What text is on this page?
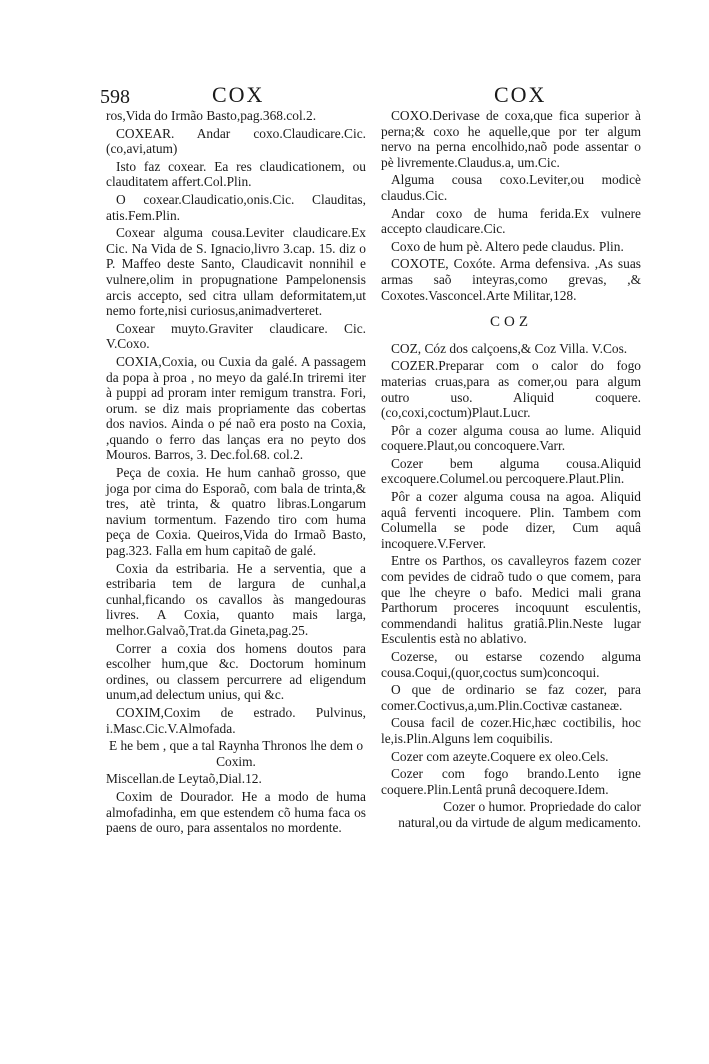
598	COX	COX

ros,Vida do Irmão Basto,pag.368.col.2.

COXEAR. Andar coxo.Claudicare.Cic. (co,avi,atum)

Isto faz coxear. Ea res claudicationem, ou clauditatem affert.Col.Plin.

O coxear.Claudicatio,onis.Cic. Clauditas, atis.Fem.Plin.

Coxear alguma cousa.Leviter claudicare.Ex Cic. Na Vida de S. Ignacio,livro 3.cap. 15. diz o P. Maffeo deste Santo, Claudicavit nonnihil e vulnere,olim in propugnatione Pampelonensis arcis accepto, sed citra ullam deformitatem,ut nemo forte,nisi curiosus,animadverteret.

Coxear muyto.Graviter claudicare. Cic. V.Coxo.

COXIA,Coxia, ou Cuxia da galé. A passagem da popa à proa , no meyo da galé.In triremi iter à puppi ad proram inter remigum transtra. Fori, orum. se diz mais propriamente das cobertas dos navios. Ainda o pé naõ era posto na Coxia, ,quando o ferro das lanças era no peyto dos Mouros. Barros, 3. Dec.fol.68. col.2.

Peça de coxia. He hum canhaõ grosso, que joga por cima do Esporaõ, com bala de trinta,& tres, atè trinta, & quatro libras.Longarum navium tormentum. Fazendo tiro com huma peça de Coxia. Queiros,Vida do Irmaõ Basto, pag.323. Falla em hum capitaõ de galé.

Coxia da estribaria. He a serventia, que a estribaria tem de largura de cunhal,a cunhal,ficando os cavallos às mangedouras livres. A Coxia, quanto mais larga, melhor.Galvaõ,Trat.da Gineta,pag.25.

Correr a coxia dos homens doutos para escolher hum,que &c. Doctorum hominum ordines, ou classem percurrere ad eligendum unum,ad delectum unius, qui &c.

COXIM,Coxim de estrado. Pulvinus, i.Masc.Cic.V.Almofada.

E he bem , que a tal Raynha Thronos lhe dem o Coxim.

Miscellan.de Leytaõ,Dial.12.

Coxim de Dourador. He a modo de huma almofadinha, em que estendem cõ huma faca os paens de ouro, para assentalos no mordente.

COXO.Derivase de coxa,que fica superior à perna;& coxo he aquelle,que por ter algum nervo na perna encolhido,naõ pode assentar o pè livremente.Claudus.a, um.Cic.

Alguma cousa coxo.Leviter,ou modicè claudus.Cic.

Andar coxo de huma ferida.Ex vulnere accepto claudicare.Cic.

Coxo de hum pè. Altero pede claudus. Plin.

COXOTE, Coxóte. Arma defensiva. ,As suas armas saõ inteyras,como grevas, ,& Coxotes.Vasconcel.Arte Militar,128.

COZ

COZ, Cóz dos calçoens,& Coz Villa. V.Cos.

COZER.Preparar com o calor do fogo materias cruas,para as comer,ou para algum outro uso. Aliquid coquere.(co,coxi,coctum)Plaut.Lucr.

Pôr a cozer alguma cousa ao lume. Aliquid coquere.Plaut,ou concoquere.Varr.

Cozer bem alguma cousa.Aliquid excoquere.Columel.ou percoquere.Plaut.Plin.

Pôr a cozer alguma cousa na agoa. Aliquid aquâ ferventi incoquere. Plin. Tambem com Columella se pode dizer, Cum aquâ incoquere.V.Ferver.

Entre os Parthos, os cavalleyros fazem cozer com pevides de cidraõ tudo o que comem, para que lhe cheyre o bafo. Medici mali grana Parthorum proceres incoquunt esculentis, commendandi halitus gratiâ.Plin.Neste lugar Esculentis està no ablativo.

Cozerse, ou estarse cozendo alguma cousa.Coqui,(quor,coctus sum)concoqui.

O que de ordinario se faz cozer, para comer.Coctivus,a,um.Plin.Coctivæ castaneæ.

Cousa facil de cozer.Hic,hæc coctibilis, hoc le,is.Plin.Alguns lem coquibilis.

Cozer com azeyte.Coquere ex oleo.Cels.

Cozer com fogo brando.Lento igne coquere.Plin.Lentâ prunâ decoquere.Idem.

Cozer o humor. Propriedade do calor natural,ou da virtude de algum medicamento.
